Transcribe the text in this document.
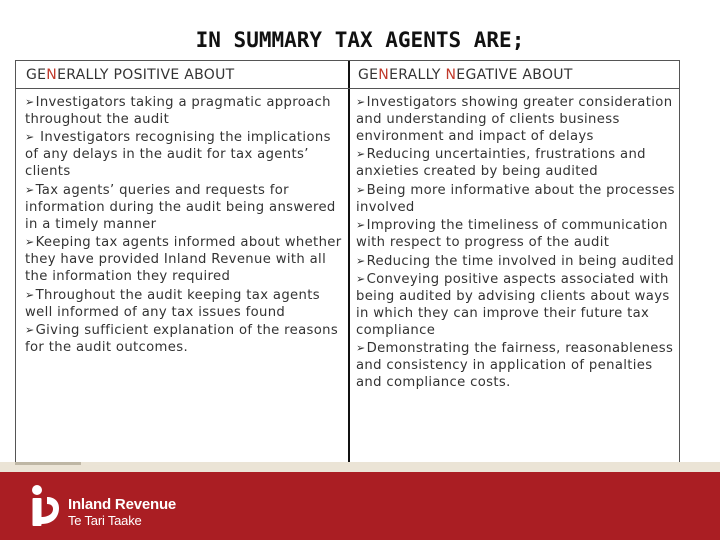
IN SUMMARY TAX AGENTS ARE;
GENERALLY POSITIVE ABOUT	GENERALLY NEGATIVE ABOUT
➢Investigators taking a pragmatic approach throughout the audit
➢ Investigators recognising the implications of any delays in the audit for tax agents’ clients
➢Tax agents’ queries and requests for information during the audit being answered in a timely manner
➢Keeping tax agents informed about whether they have provided Inland Revenue with all the information they required
➢Throughout the audit keeping tax agents well informed of any tax issues found
➢Giving sufficient explanation of the reasons for the audit outcomes.
➢Investigators showing greater consideration and understanding of clients business environment and impact of delays
➢Reducing uncertainties, frustrations and anxieties created by being audited
➢Being more informative about the processes involved
➢Improving the timeliness of communication with respect to progress of the audit
➢Reducing the time involved in being audited
➢Conveying positive aspects associated with being audited by advising clients about ways in which they can improve their future tax compliance
➢Demonstrating the fairness, reasonableness and consistency in application of penalties and compliance costs.
Inland Revenue
Te Tari Taake
